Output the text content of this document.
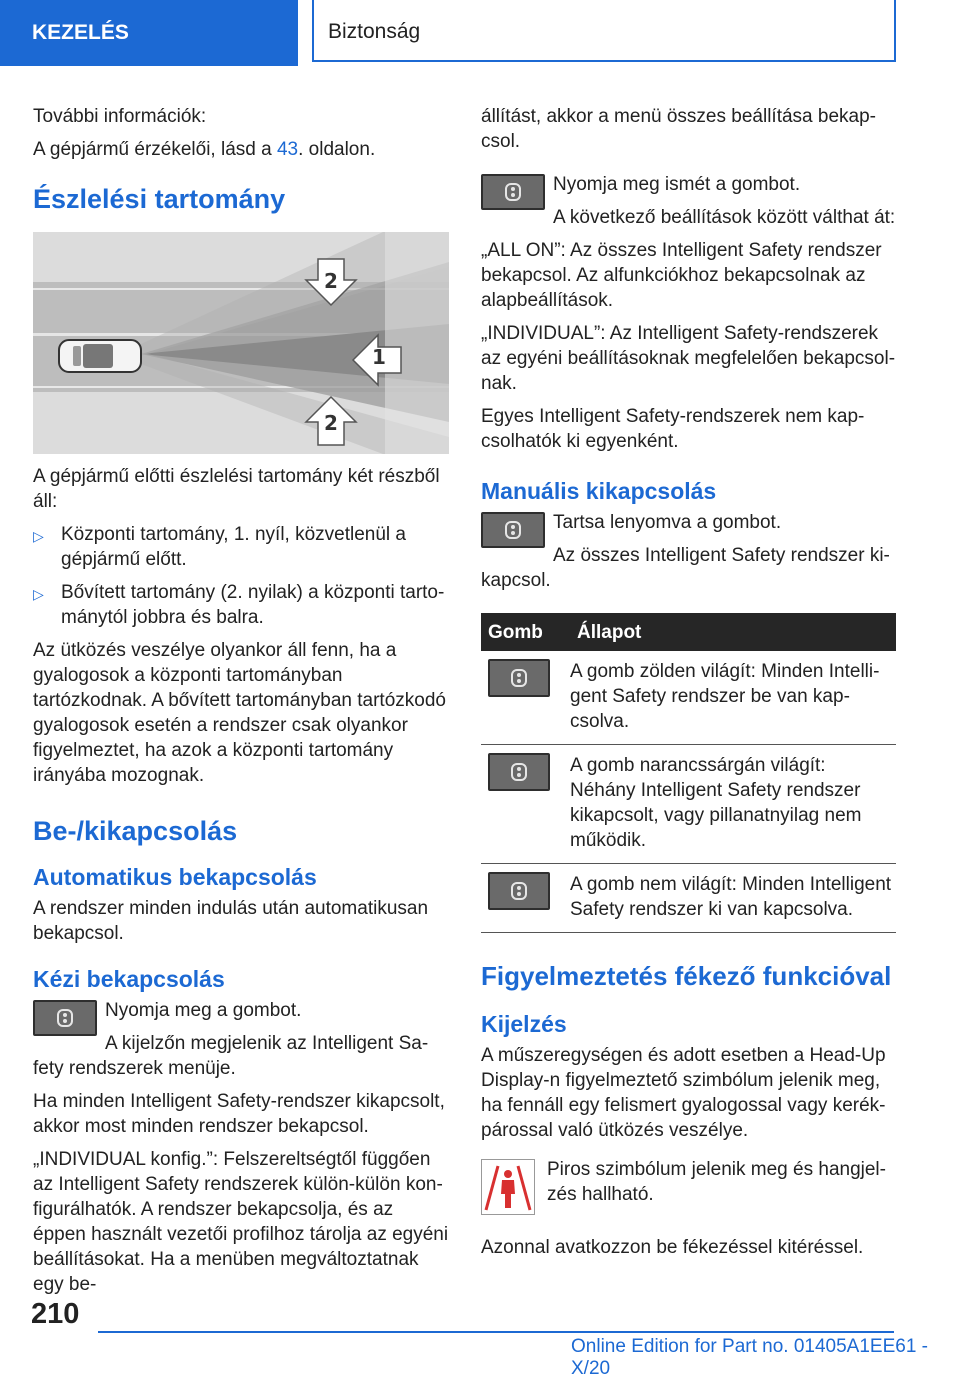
KEZELÉS	Biztonság

További információk:

A gépjármű érzékelői, lásd a 43. oldalon.

Észlelési tartomány
1
2
2

A gépjármű előtti észlelési tartomány két részből áll:

▷ Központi tartomány, 1. nyíl, közvetlenül a gépjármű előtt.
▷ Bővített tartomány (2. nyilak) a központi tartománytól jobbra és balra.

Az ütközés veszélye olyankor áll fenn, ha a gyalogosok a központi tartományban tartózkodnak. A bővített tartományban tartózkodó gyalogosok esetén a rendszer csak olyankor figyelmeztet, ha azok a központi tartomány irányába mozognak.

Be-/kikapcsolás
Automatikus bekapcsolás

A rendszer minden indulás után automatikusan bekapcsol.

Kézi bekapcsolás

Nyomja meg a gombot.

A kijelzőn megjelenik az Intelligent Sa-

fety rendszerek menüje.

Ha minden Intelligent Safety-rendszer kikapcsolt, akkor most minden rendszer bekapcsol.

„INDIVIDUAL konfig.”: Felszereltségtől függően az Intelligent Safety rendszerek külön-külön konfigurálhatók. A rendszer bekapcsolja, és az éppen használt vezetői profilhoz tárolja az egyéni beállításokat. Ha a menüben megváltoztatnak egy be-

állítást, akkor a menü összes beállítása bekapcsol.

Nyomja meg ismét a gombot.

A következő beállítások között válthat át:

„ALL ON”: Az összes Intelligent Safety rendszer bekapcsol. Az alfunkciókhoz bekapcsolnak az alapbeállítások.

„INDIVIDUAL”: Az Intelligent Safety-rendszerek az egyéni beállításoknak megfelelően bekapcsolnak.

Egyes Intelligent Safety-rendszerek nem kapcsolhatók ki egyenként.

Manuális kikapcsolás

Tartsa lenyomva a gombot.

Az összes Intelligent Safety rendszer ki-

kapcsol.

Gomb	Állapot

	A gomb zölden világít: Minden Intelligent Safety rendszer be van kapcsolva.

	A gomb narancssárgán világít: Néhány Intelligent Safety rendszer kikapcsolt, vagy pillanatnyilag nem működik.

	A gomb nem világít: Minden Intelligent Safety rendszer ki van kapcsolva.
Figyelmeztetés fékező funkcióval
Kijelzés

A műszeregységen és adott esetben a Head-Up Display-n figyelmeztető szimbólum jelenik meg, ha fennáll egy felismert gyalogossal vagy kerékpárossal való ütközés veszélye.

Piros szimbólum jelenik meg és hangjelzés hallható.

Azonnal avatkozzon be fékezéssel kitéréssel.

210
Online Edition for Part no. 01405A1EE61 - X/20
